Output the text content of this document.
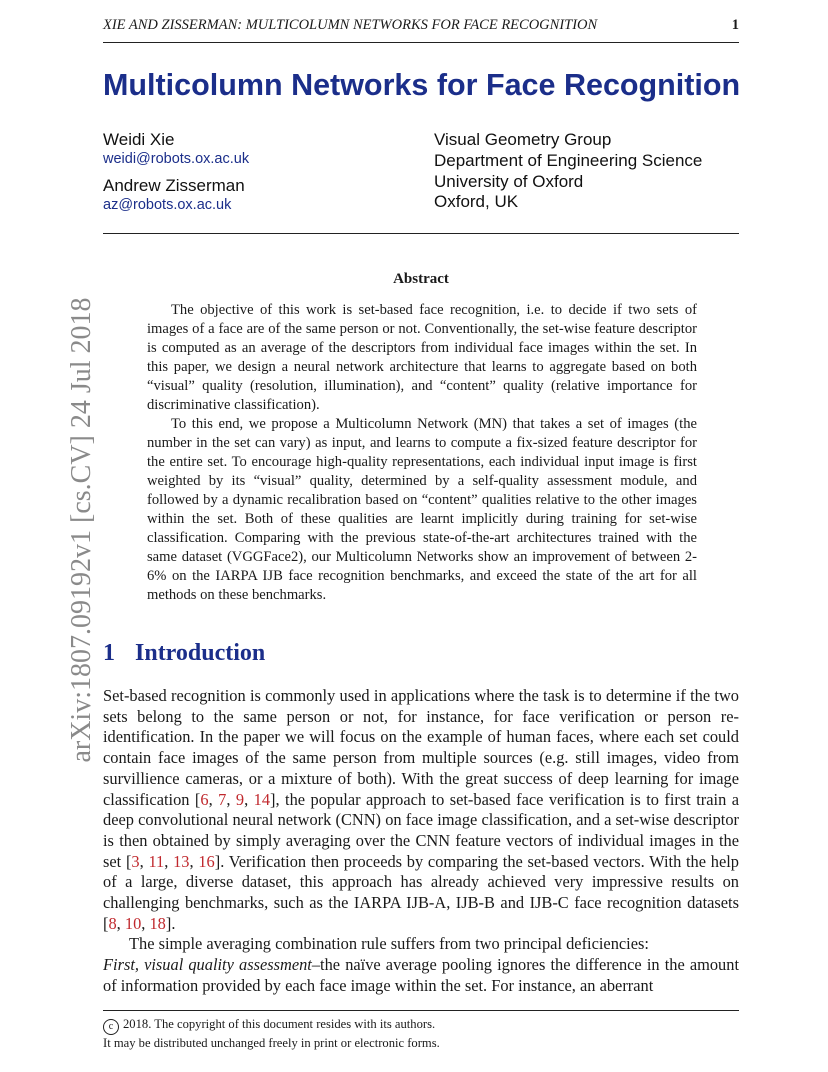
XIE AND ZISSERMAN: MULTICOLUMN NETWORKS FOR FACE RECOGNITION	1
Multicolumn Networks for Face Recognition
Weidi Xie
weidi@robots.ox.ac.uk
Andrew Zisserman
az@robots.ox.ac.uk
Visual Geometry Group
Department of Engineering Science
University of Oxford
Oxford, UK
arXiv:1807.09192v1 [cs.CV] 24 Jul 2018
Abstract

The objective of this work is set-based face recognition, i.e. to decide if two sets of images of a face are of the same person or not. Conventionally, the set-wise feature descriptor is computed as an average of the descriptors from individual face images within the set. In this paper, we design a neural network architecture that learns to aggregate based on both “visual” quality (resolution, illumination), and “content” quality (relative importance for discriminative classification).

To this end, we propose a Multicolumn Network (MN) that takes a set of images (the number in the set can vary) as input, and learns to compute a fix-sized feature descriptor for the entire set. To encourage high-quality representations, each individual input image is first weighted by its “visual” quality, determined by a self-quality assessment module, and followed by a dynamic recalibration based on “content” qualities relative to the other images within the set. Both of these qualities are learnt implicitly during training for set-wise classification. Comparing with the previous state-of-the-art architectures trained with the same dataset (VGGFace2), our Multicolumn Networks show an improvement of between 2-6% on the IARPA IJB face recognition benchmarks, and exceed the state of the art for all methods on these benchmarks.

1 Introduction

Set-based recognition is commonly used in applications where the task is to determine if the two sets belong to the same person or not, for instance, for face verification or person re-identification. In the paper we will focus on the example of human faces, where each set could contain face images of the same person from multiple sources (e.g. still images, video from survillience cameras, or a mixture of both). With the great success of deep learning for image classification [6, 7, 9, 14], the popular approach to set-based face verification is to first train a deep convolutional neural network (CNN) on face image classification, and a set-wise descriptor is then obtained by simply averaging over the CNN feature vectors of individual images in the set [3, 11, 13, 16]. Verification then proceeds by comparing the set-based vectors. With the help of a large, diverse dataset, this approach has already achieved very impressive results on challenging benchmarks, such as the IARPA IJB-A, IJB-B and IJB-C face recognition datasets [8, 10, 18].

The simple averaging combination rule suffers from two principal deficiencies:

First, visual quality assessment–the naïve average pooling ignores the difference in the amount of information provided by each face image within the set. For instance, an aberrant

c 2018. The copyright of this document resides with its authors.
It may be distributed unchanged freely in print or electronic forms.
